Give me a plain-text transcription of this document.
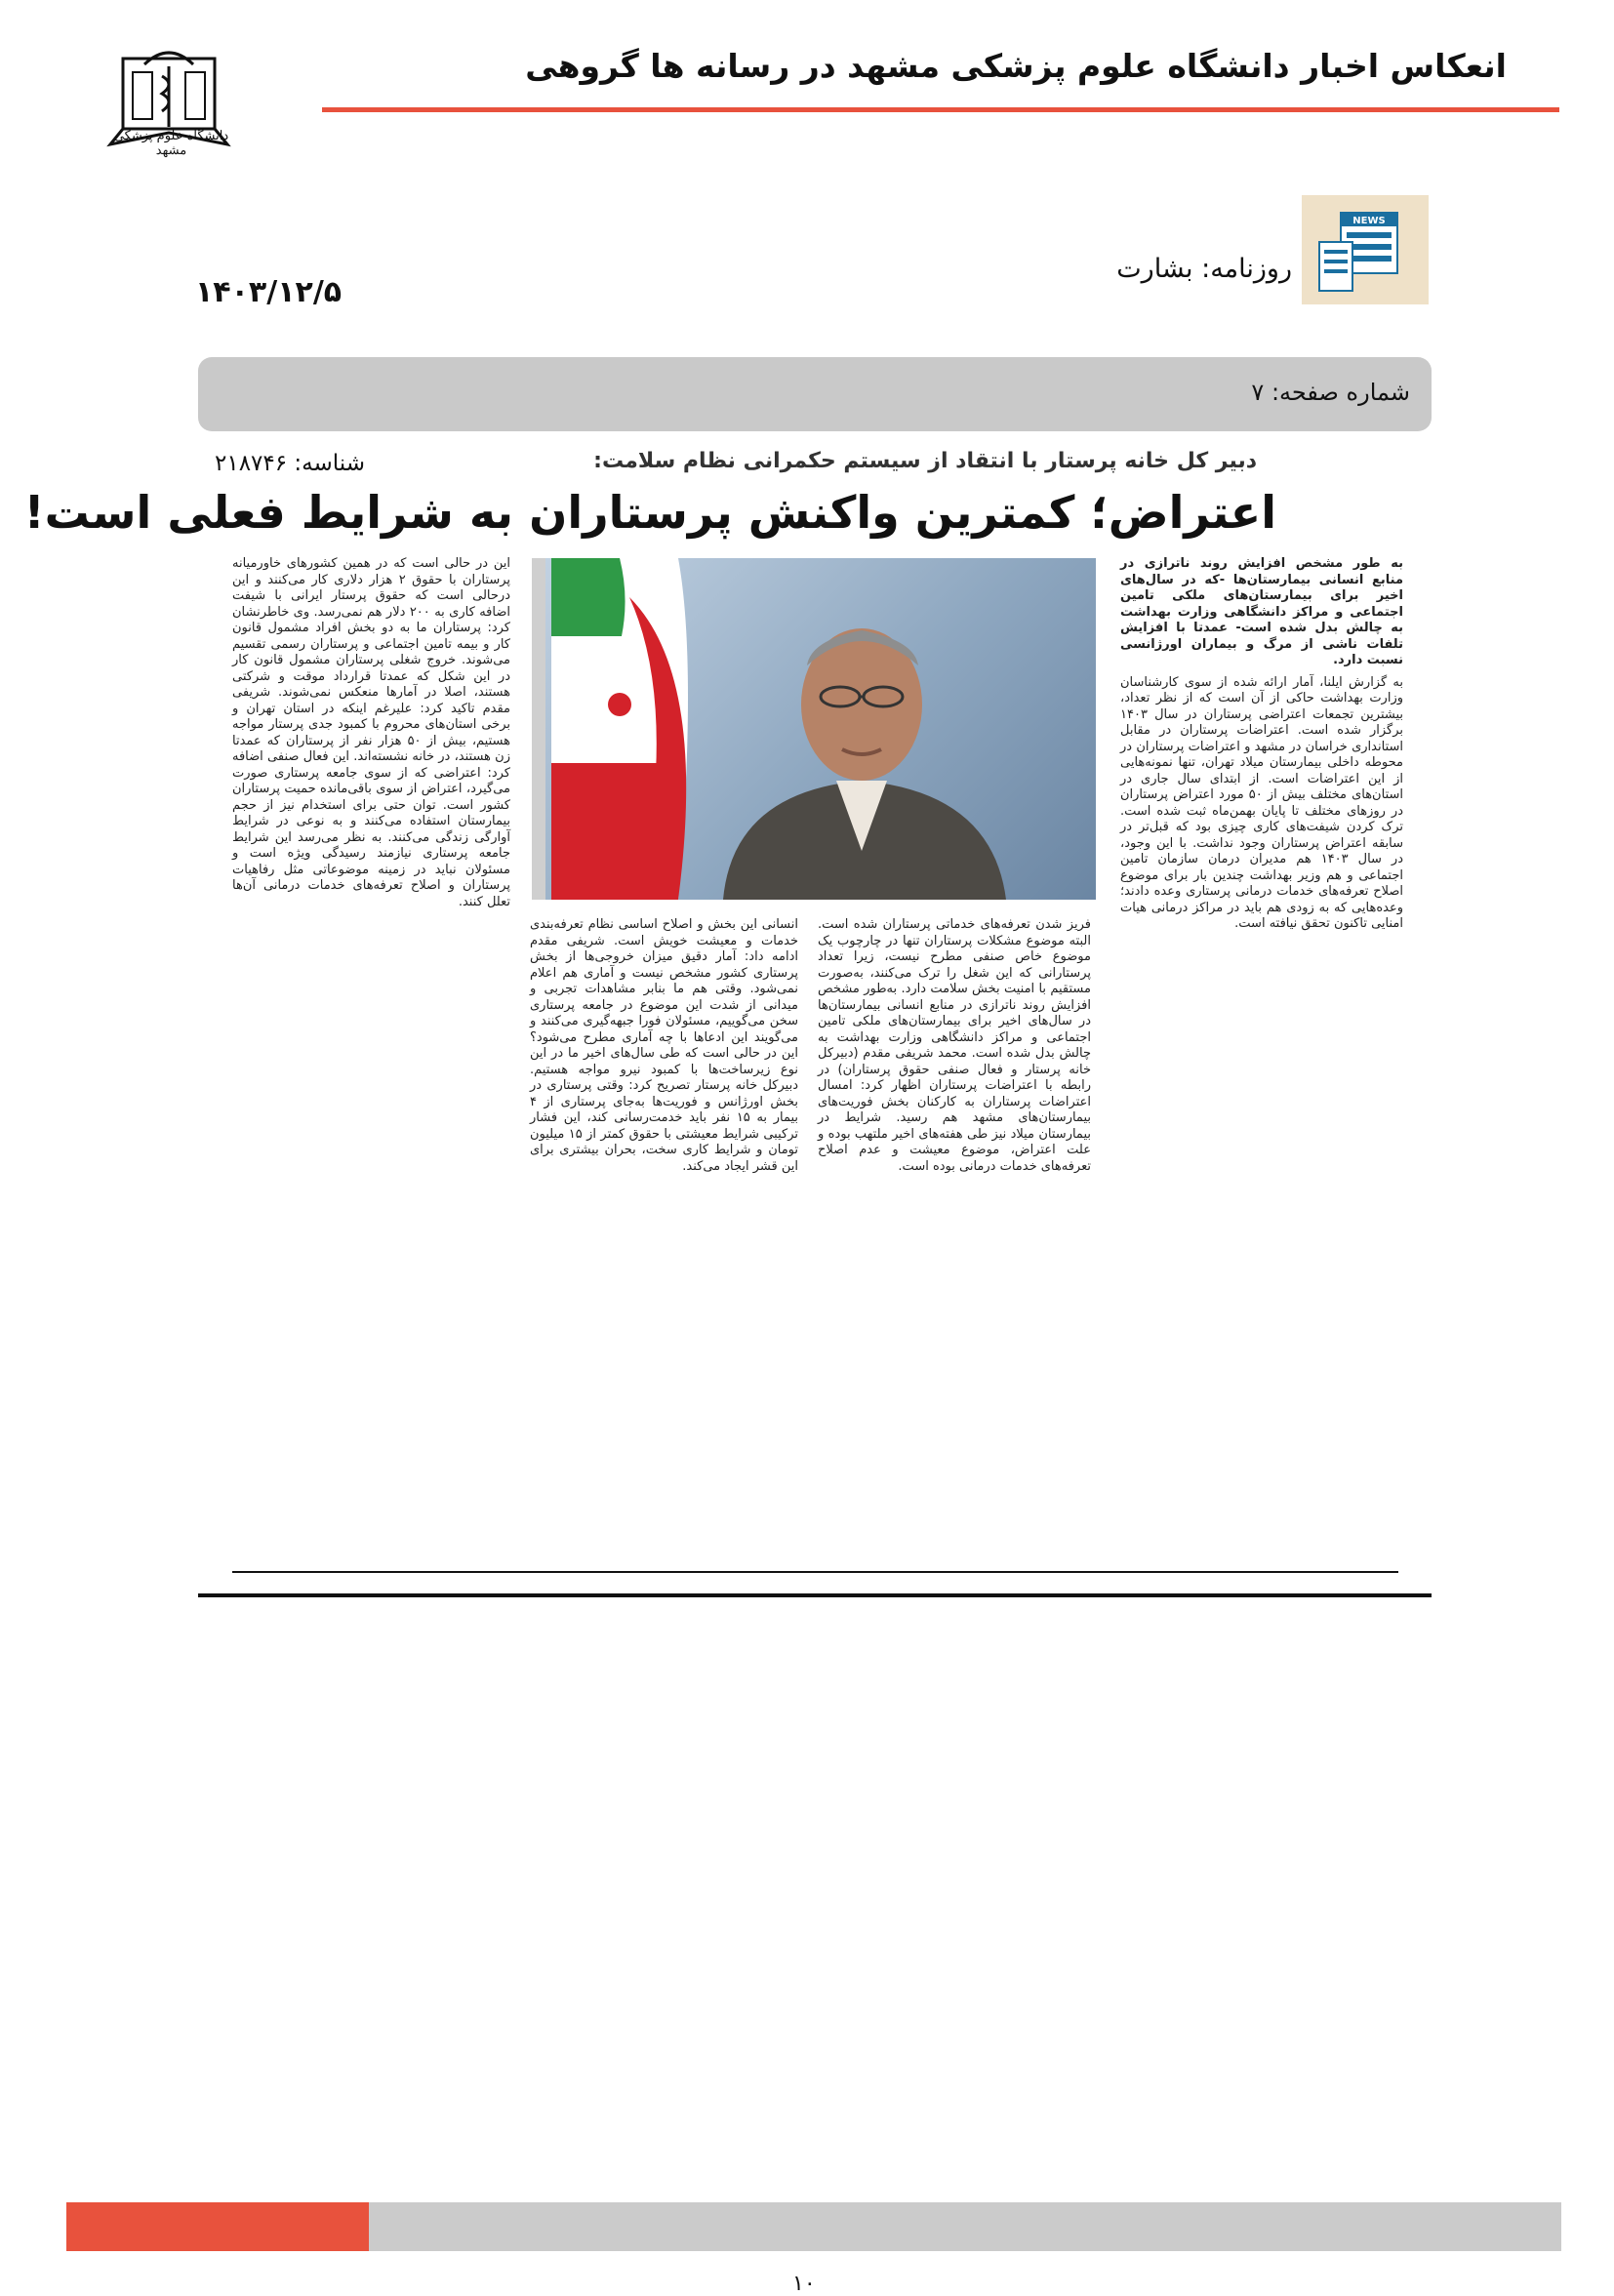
دانشگاه علوم پزشکی مشهد
انعکاس اخبار دانشگاه علوم پزشکی مشهد در رسانه ها گروهی
NEWS
روزنامه: بشارت
۱۴۰۳/۱۲/۵
شماره صفحه: ۷
شناسه: ۲۱۸۷۴۶	دبیر کل خانه پرستار با انتقاد از سیستم حکمرانی نظام سلامت:
اعتراض؛ کمترین واکنش پرستاران به شرایط فعلی است!

به طور مشخص افزایش روند ناترازی در منابع انسانی بیمارستان‌ها -که در سال‌های اخیر برای بیمارستان‌های ملکی تامین اجتماعی و مراکز دانشگاهی وزارت بهداشت به چالش بدل شده است- عمدتا با افزایش تلفات ناشی از مرگ و بیماران اورژانسی نسبت دارد.

به گزارش ایلنا، آمار ارائه شده از سوی کارشناسان وزارت بهداشت حاکی از آن است که از نظر تعداد، بیشترین تجمعات اعتراضی پرستاران در سال ۱۴۰۳ برگزار شده است. اعتراضات پرستاران در مقابل استانداری خراسان در مشهد و اعتراضات پرستاران در محوطه داخلی بیمارستان میلاد تهران، تنها نمونه‌هایی از این اعتراضات است. از ابتدای سال جاری در استان‌های مختلف بیش از ۵۰ مورد اعتراض پرستاران در روزهای مختلف تا پایان بهمن‌ماه ثبت شده است. ترک کردن شیفت‌های کاری چیزی بود که قبل‌تر در سابقه اعتراض پرستاران وجود نداشت. با این وجود، در سال ۱۴۰۳ هم مدیران درمان سازمان تامین اجتماعی و هم وزیر بهداشت چندین بار برای موضوع اصلاح تعرفه‌های خدمات درمانی پرستاری وعده دادند؛ وعده‌هایی که به زودی هم باید در مراکز درمانی هیات امنایی تاکنون تحقق نیافته است.

فریز شدن تعرفه‌های خدماتی پرستاران شده است. البته موضوع مشکلات پرستاران تنها در چارچوب یک موضوع خاص صنفی مطرح نیست، زیرا تعداد پرستارانی که این شغل را ترک می‌کنند، به‌صورت مستقیم با امنیت بخش سلامت دارد. به‌طور مشخص افزایش روند ناترازی در منابع انسانی بیمارستان‌ها در سال‌های اخیر برای بیمارستان‌های ملکی تامین اجتماعی و مراکز دانشگاهی وزارت بهداشت به چالش بدل شده است. محمد شریفی مقدم (دبیرکل خانه پرستار و فعال صنفی حقوق پرستاران) در رابطه با اعتراضات پرستاران اظهار کرد: امسال اعتراضات پرستاران به کارکنان بخش فوریت‌های بیمارستان‌های مشهد هم رسید. شرایط در بیمارستان میلاد نیز طی هفته‌های اخیر ملتهب بوده و علت اعتراض، موضوع معیشت و عدم اصلاح تعرفه‌های خدمات درمانی بوده است.

انسانی این بخش و اصلاح اساسی نظام تعرفه‌بندی خدمات و معیشت خویش است. شریفی مقدم ادامه داد: آمار دقیق میزان خروجی‌ها از بخش پرستاری کشور مشخص نیست و آماری هم اعلام نمی‌شود. وقتی هم ما بنابر مشاهدات تجربی و میدانی از شدت این موضوع در جامعه پرستاری سخن می‌گوییم، مسئولان فورا جبهه‌گیری می‌کنند و می‌گویند این ادعاها با چه آماری مطرح می‌شود؟ این در حالی است که طی سال‌های اخیر ما در این نوع زیرساخت‌ها با کمبود نیرو مواجه هستیم. دبیرکل خانه پرستار تصریح کرد: وقتی پرستاری در بخش اورژانس و فوریت‌ها به‌جای پرستاری از ۴ بیمار به ۱۵ نفر باید خدمت‌رسانی کند، این فشار ترکیبی شرایط معیشتی با حقوق کمتر از ۱۵ میلیون تومان و شرایط کاری سخت، بحران بیشتری برای این قشر ایجاد می‌کند.

این در حالی است که در همین کشورهای خاورمیانه پرستاران با حقوق ۲ هزار دلاری کار می‌کنند و این درحالی است که حقوق پرستار ایرانی با شیفت اضافه کاری به ۲۰۰ دلار هم نمی‌رسد. وی خاطرنشان کرد: پرستاران ما به دو بخش افراد مشمول قانون کار و بیمه تامین اجتماعی و پرستاران رسمی تقسیم می‌شوند. خروج شغلی پرستاران مشمول قانون کار در این شکل که عمدتا قرارداد موقت و شرکتی هستند، اصلا در آمارها منعکس نمی‌شوند. شریفی مقدم تاکید کرد: علیرغم اینکه در استان تهران و برخی استان‌های محروم با کمبود جدی پرستار مواجه هستیم، بیش از ۵۰ هزار نفر از پرستاران که عمدتا زن هستند، در خانه نشسته‌اند. این فعال صنفی اضافه کرد: اعتراضی که از سوی جامعه پرستاری صورت می‌گیرد، اعتراض از سوی باقی‌مانده حمیت پرستاران کشور است. توان حتی برای استخدام نیز از حجم بیمارستان استفاده می‌کنند و به نوعی در شرایط آوارگی زندگی می‌کنند. به نظر می‌رسد این شرایط جامعه پرستاری نیازمند رسیدگی ویژه است و مسئولان نباید در زمینه موضوعاتی مثل رفاهیات پرستاران و اصلاح تعرفه‌های خدمات درمانی آن‌ها تعلل کنند.

۱۰
